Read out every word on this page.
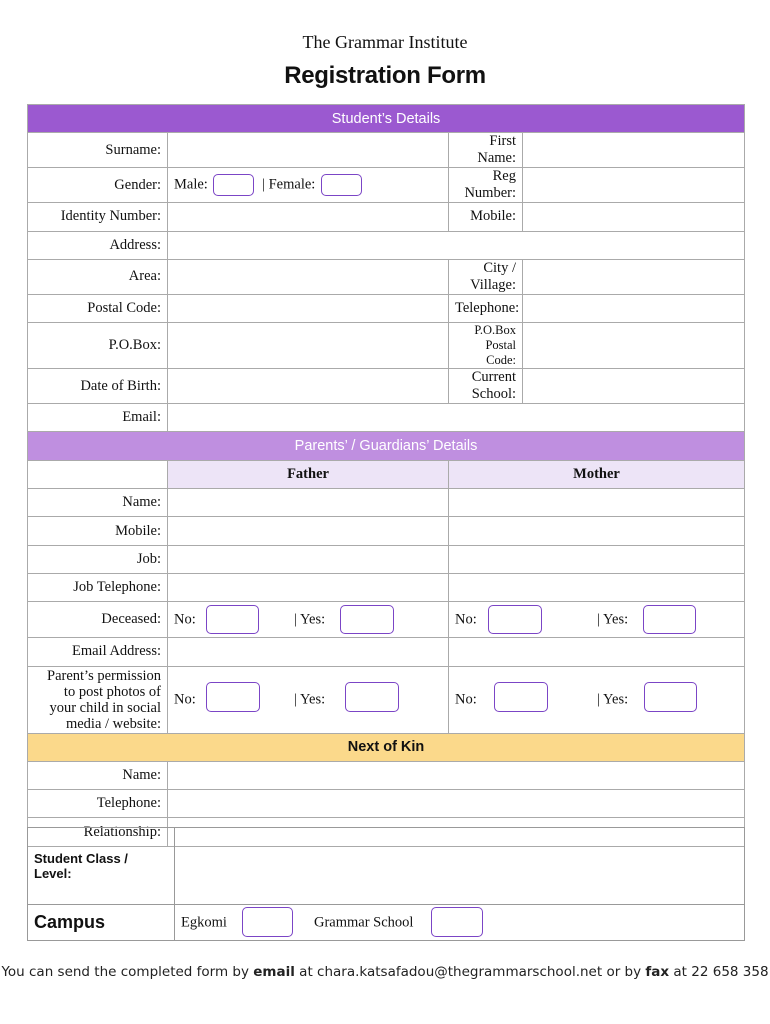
The Grammar Institute
Registration Form
Student’s Details			
Surname:		First Name:	
Gender:	Male: | Female:	Reg Number:	
Identity Number:		Mobile:	
Address:			
Area:		City / Village:	
Postal Code:		Telephone:	
P.O.Box:		P.O.Box Postal Code:	
Date of Birth:		Current School:	
Email:			
Parents’ / Guardians’ Details			
	Father	Mother	
Name:			
Mobile:			
Job:			
Job Telephone:			
Deceased:	No: | Yes:	No: | Yes:	

Email Address:			
Parent’s permission to post photos of your child in social media / website:	No: | Yes:	No: | Yes:	

Next of Kin			
Name:			
Telephone:			
Relationship:			
Student Class / Level:	
Campus	Egkomi Grammar School
You can send the completed form by email at chara.katsafadou@thegrammarschool.net or by fax at 22 658 358
